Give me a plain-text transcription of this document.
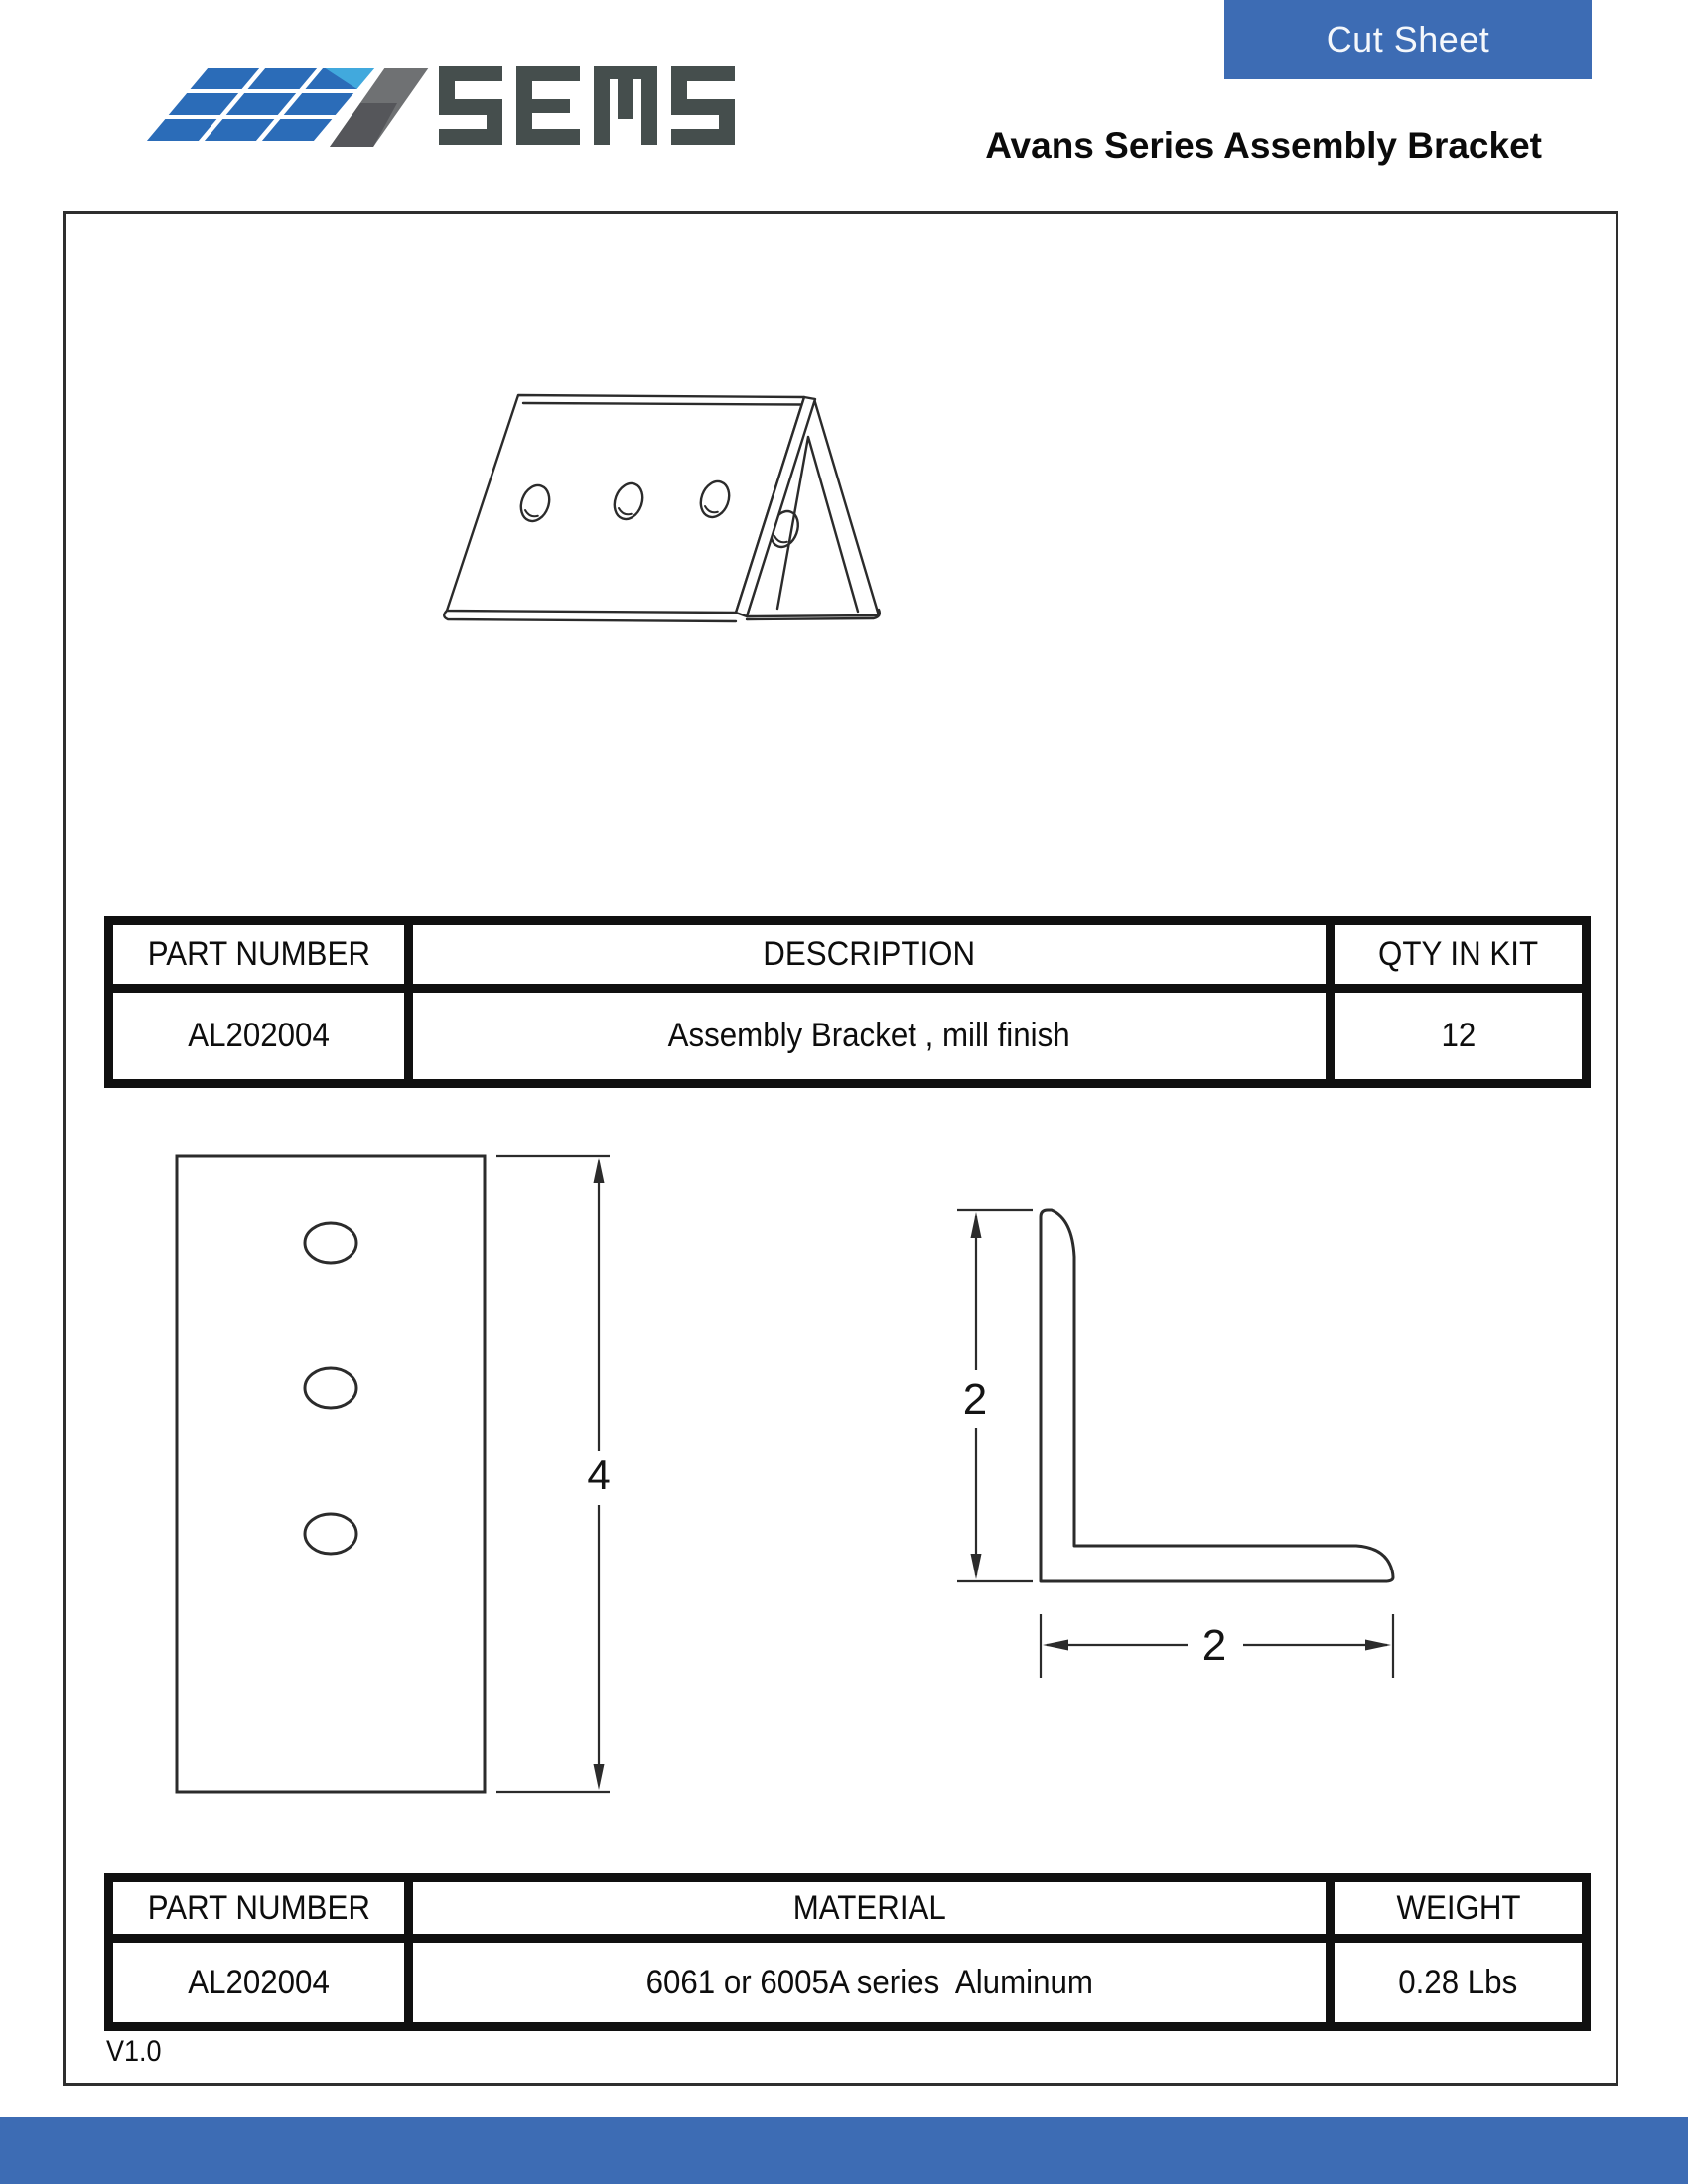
Cut Sheet
Avans Series Assembly Bracket
4
2
2
PART NUMBER	DESCRIPTION	QTY IN KIT
AL202004	Assembly Bracket , mill finish	12
PART NUMBER	MATERIAL	WEIGHT
AL202004	6061 or 6005A series  Aluminum	0.28 Lbs
V1.0
